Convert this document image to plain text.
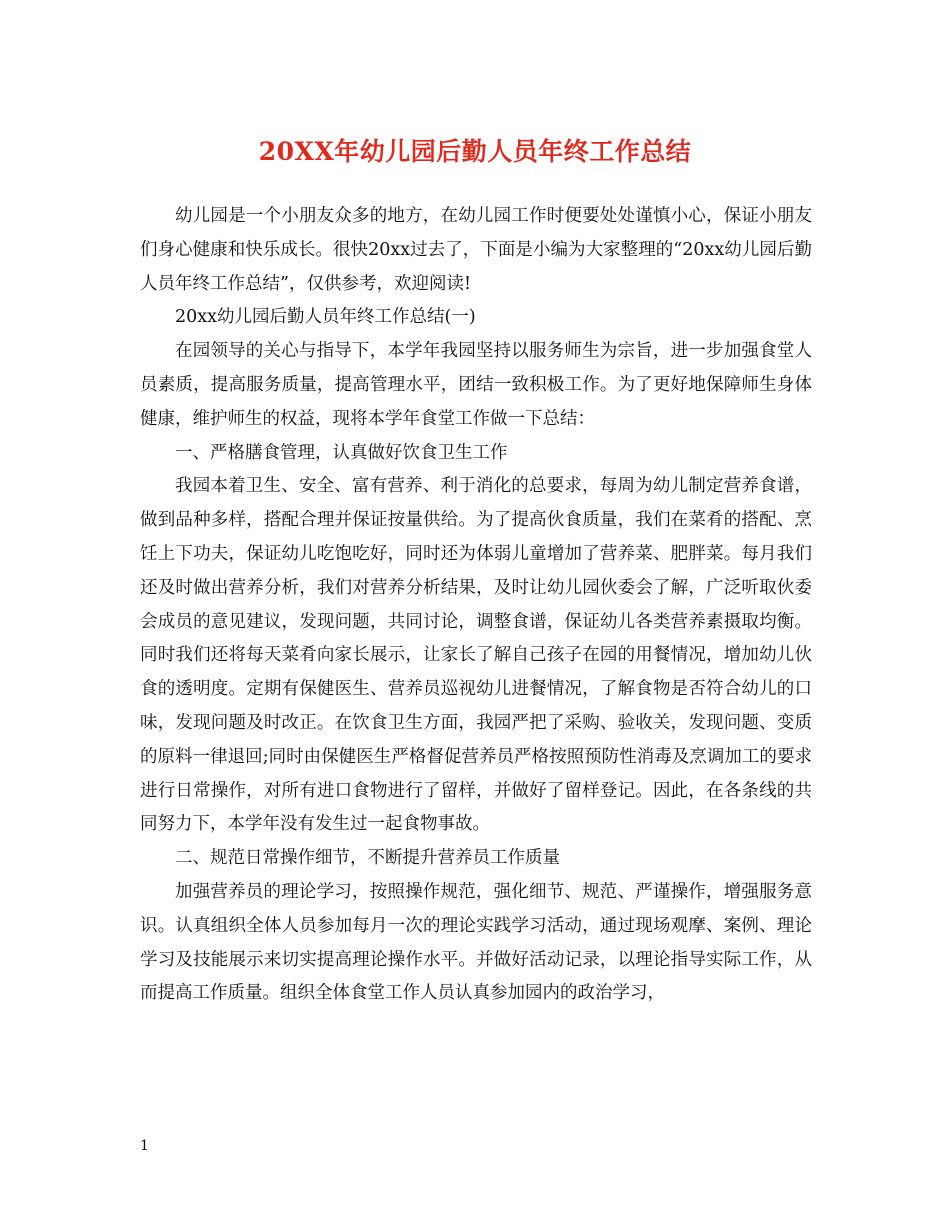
20XX年幼儿园后勤人员年终工作总结

幼儿园是一个小朋友众多的地方，在幼儿园工作时便要处处谨慎小心，保证小朋友们身心健康和快乐成长。很快20xx过去了，下面是小编为大家整理的“20xx幼儿园后勤人员年终工作总结”，仅供参考，欢迎阅读!

20xx幼儿园后勤人员年终工作总结(一)

在园领导的关心与指导下，本学年我园坚持以服务师生为宗旨，进一步加强食堂人员素质，提高服务质量，提高管理水平，团结一致积极工作。为了更好地保障师生身体健康，维护师生的权益，现将本学年食堂工作做一下总结：

一、严格膳食管理，认真做好饮食卫生工作

我园本着卫生、安全、富有营养、利于消化的总要求，每周为幼儿制定营养食谱，做到品种多样，搭配合理并保证按量供给。为了提高伙食质量，我们在菜肴的搭配、烹饪上下功夫，保证幼儿吃饱吃好，同时还为体弱儿童增加了营养菜、肥胖菜。每月我们还及时做出营养分析，我们对营养分析结果，及时让幼儿园伙委会了解，广泛听取伙委会成员的意见建议，发现问题，共同讨论，调整食谱，保证幼儿各类营养素摄取均衡。同时我们还将每天菜肴向家长展示，让家长了解自己孩子在园的用餐情况，增加幼儿伙食的透明度。定期有保健医生、营养员巡视幼儿进餐情况，了解食物是否符合幼儿的口味，发现问题及时改正。在饮食卫生方面，我园严把了采购、验收关，发现问题、变质的原料一律退回;同时由保健医生严格督促营养员严格按照预防性消毒及烹调加工的要求进行日常操作，对所有进口食物进行了留样，并做好了留样登记。因此，在各条线的共同努力下，本学年没有发生过一起食物事故。

二、规范日常操作细节，不断提升营养员工作质量

加强营养员的理论学习，按照操作规范，强化细节、规范、严谨操作，增强服务意识。认真组织全体人员参加每月一次的理论实践学习活动，通过现场观摩、案例、理论学习及技能展示来切实提高理论操作水平。并做好活动记录，以理论指导实际工作，从而提高工作质量。组织全体食堂工作人员认真参加园内的政治学习，

1
